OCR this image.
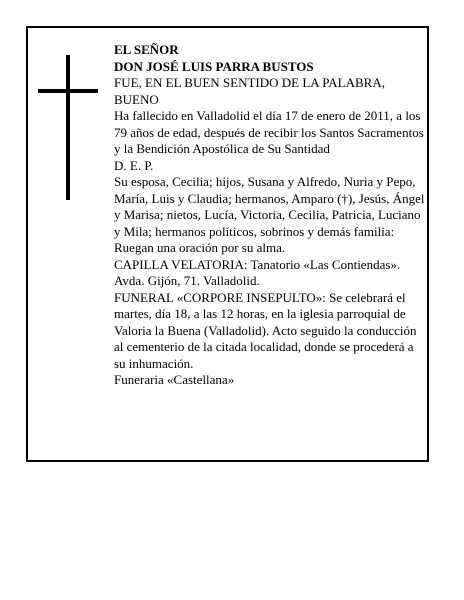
EL SEÑOR

DON JOSÉ LUIS PARRA BUSTOS

FUE, EN EL BUEN SENTIDO DE LA PALABRA, BUENO

Ha fallecido en Valladolid el día 17 de enero de 2011, a los 79 años de edad, después de recibir los Santos Sacramentos y la Bendición Apostólica de Su Santidad

D. E. P.

Su esposa, Cecilia; hijos, Susana y Alfredo, Nuria y Pepo, María, Luis y Claudia; hermanos, Amparo (†), Jesús, Ángel y Marisa; nietos, Lucía, Victoria, Cecilia, Patricia, Luciano y Mila; hermanos políticos, sobrinos y demás familia:

Ruegan una oración por su alma.

CAPILLA VELATORIA: Tanatorio «Las Contiendas». Avda. Gijón, 71. Valladolid.

FUNERAL «CORPORE INSEPULTO»: Se celebrará el martes, día 18, a las 12 horas, en la iglesia parroquial de Valoria la Buena (Valladolid). Acto seguido la conducción al cementerio de la citada localidad, donde se procederá a su inhumación.

Funeraria «Castellana»
